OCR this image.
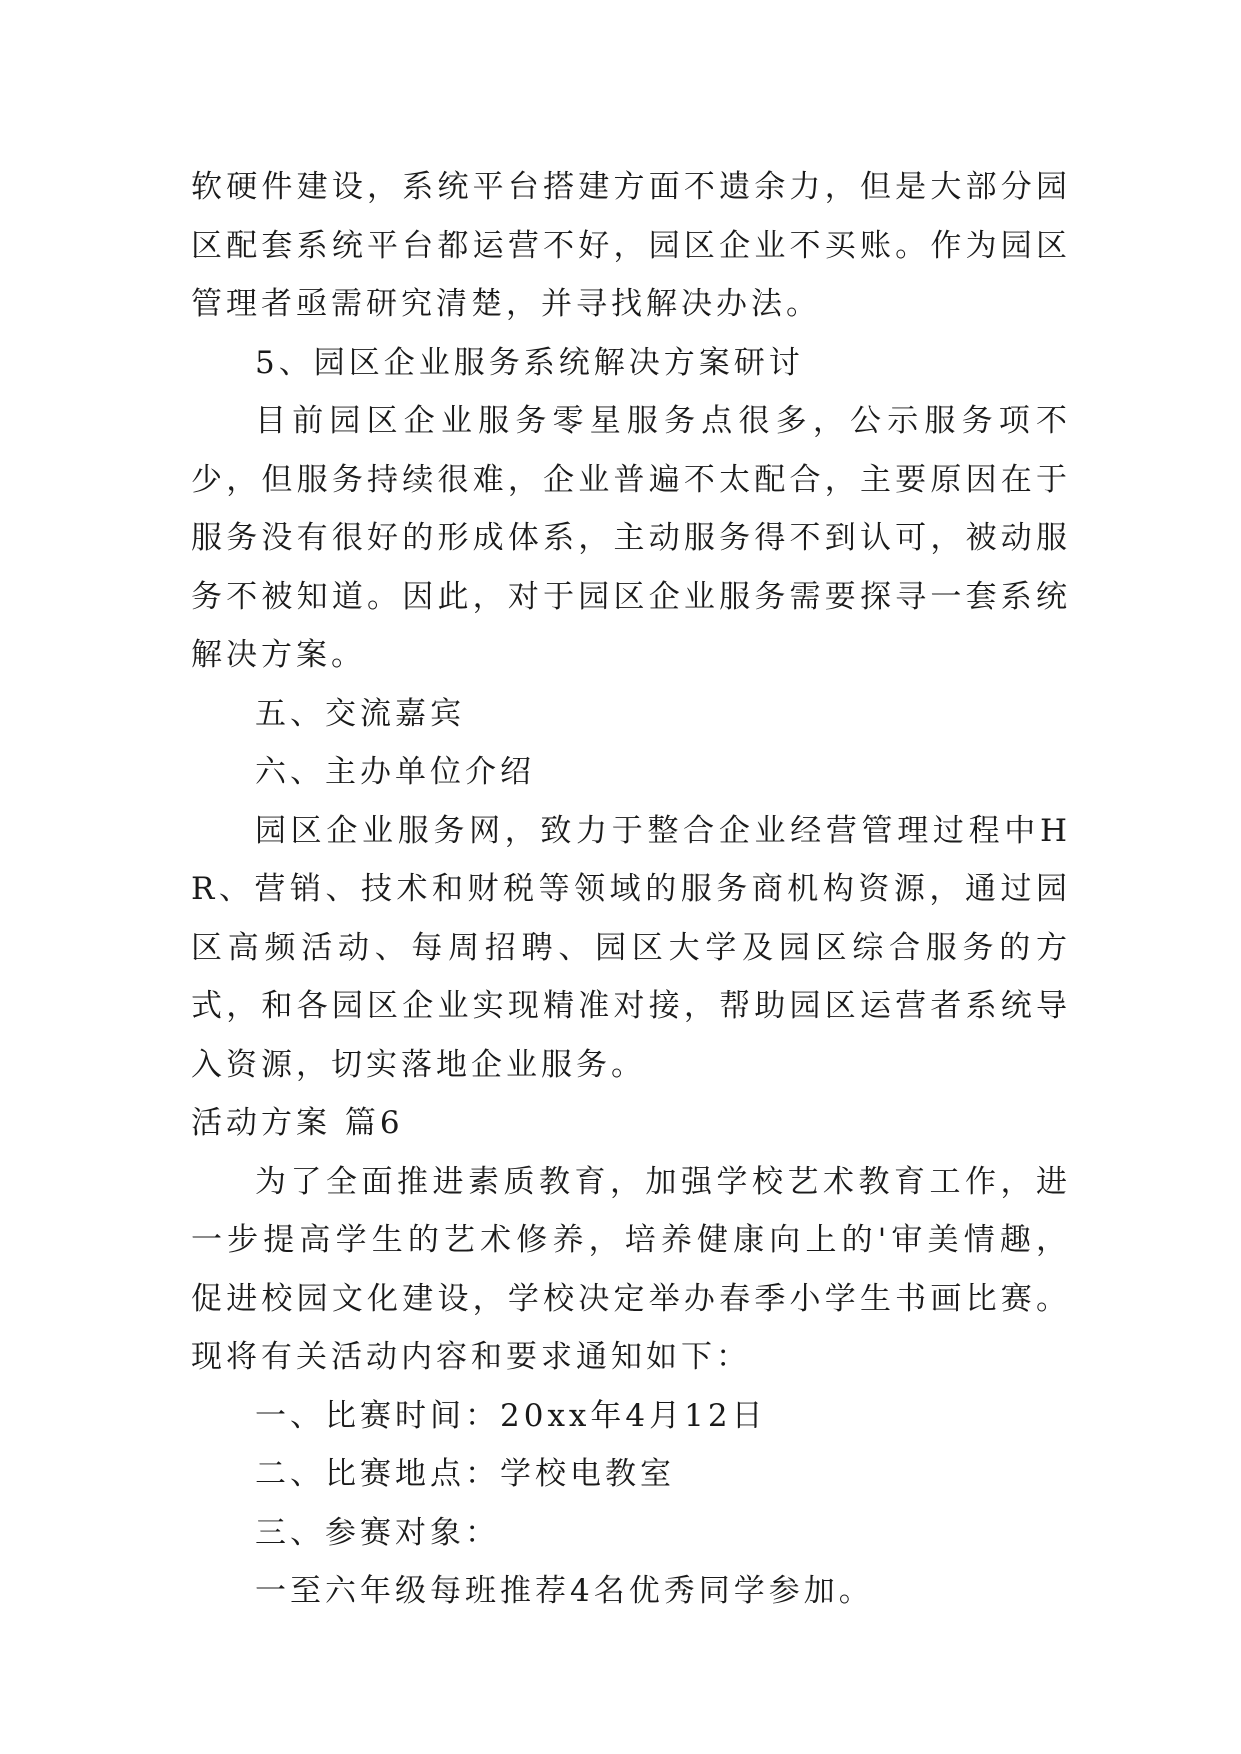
软硬件建设，系统平台搭建方面不遗余力，但是大部分园区配套系统平台都运营不好，园区企业不买账。作为园区管理者亟需研究清楚，并寻找解决办法。

5、园区企业服务系统解决方案研讨

目前园区企业服务零星服务点很多，公示服务项不少，但服务持续很难，企业普遍不太配合，主要原因在于服务没有很好的形成体系，主动服务得不到认可，被动服务不被知道。因此，对于园区企业服务需要探寻一套系统解决方案。

五、交流嘉宾

六、主办单位介绍

园区企业服务网，致力于整合企业经营管理过程中HR、营销、技术和财税等领域的服务商机构资源，通过园区高频活动、每周招聘、园区大学及园区综合服务的方式，和各园区企业实现精准对接，帮助园区运营者系统导入资源，切实落地企业服务。

活动方案 篇6

为了全面推进素质教育，加强学校艺术教育工作，进一步提高学生的艺术修养，培养健康向上的'审美情趣，促进校园文化建设，学校决定举办春季小学生书画比赛。现将有关活动内容和要求通知如下：

一、比赛时间：20xx年4月12日

二、比赛地点：学校电教室

三、参赛对象：

一至六年级每班推荐4名优秀同学参加。
